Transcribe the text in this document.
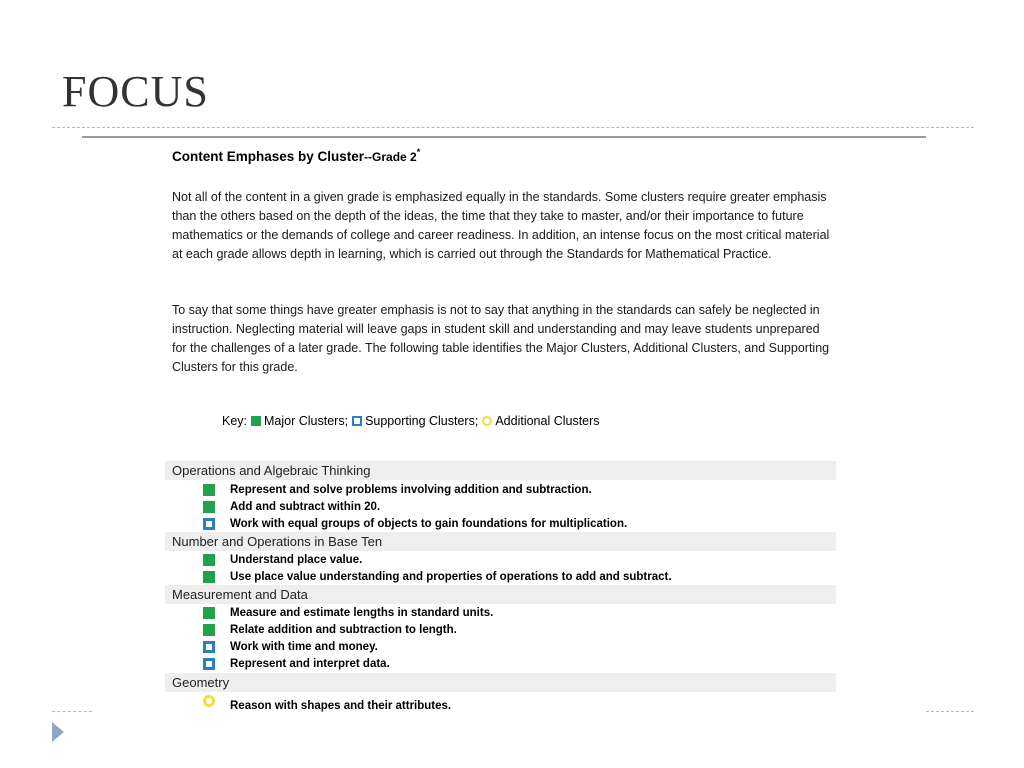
FOCUS
Content Emphases by Cluster--Grade 2*
Not all of the content in a given grade is emphasized equally in the standards. Some clusters require greater emphasis than the others based on the depth of the ideas, the time that they take to master, and/or their importance to future mathematics or the demands of college and career readiness. In addition, an intense focus on the most critical material at each grade allows depth in learning, which is carried out through the Standards for Mathematical Practice.
To say that some things have greater emphasis is not to say that anything in the standards can safely be neglected in instruction. Neglecting material will leave gaps in student skill and understanding and may leave students unprepared for the challenges of a later grade. The following table identifies the Major Clusters, Additional Clusters, and Supporting Clusters for this grade.
Key: Major Clusters; Supporting Clusters; Additional Clusters
Operations and Algebraic Thinking
Represent and solve problems involving addition and subtraction.
Add and subtract within 20.
Work with equal groups of objects to gain foundations for multiplication.
Number and Operations in Base Ten
Understand place value.
Use place value understanding and properties of operations to add and subtract.
Measurement and Data
Measure and estimate lengths in standard units.
Relate addition and subtraction to length.
Work with time and money.
Represent and interpret data.
Geometry
Reason with shapes and their attributes.
